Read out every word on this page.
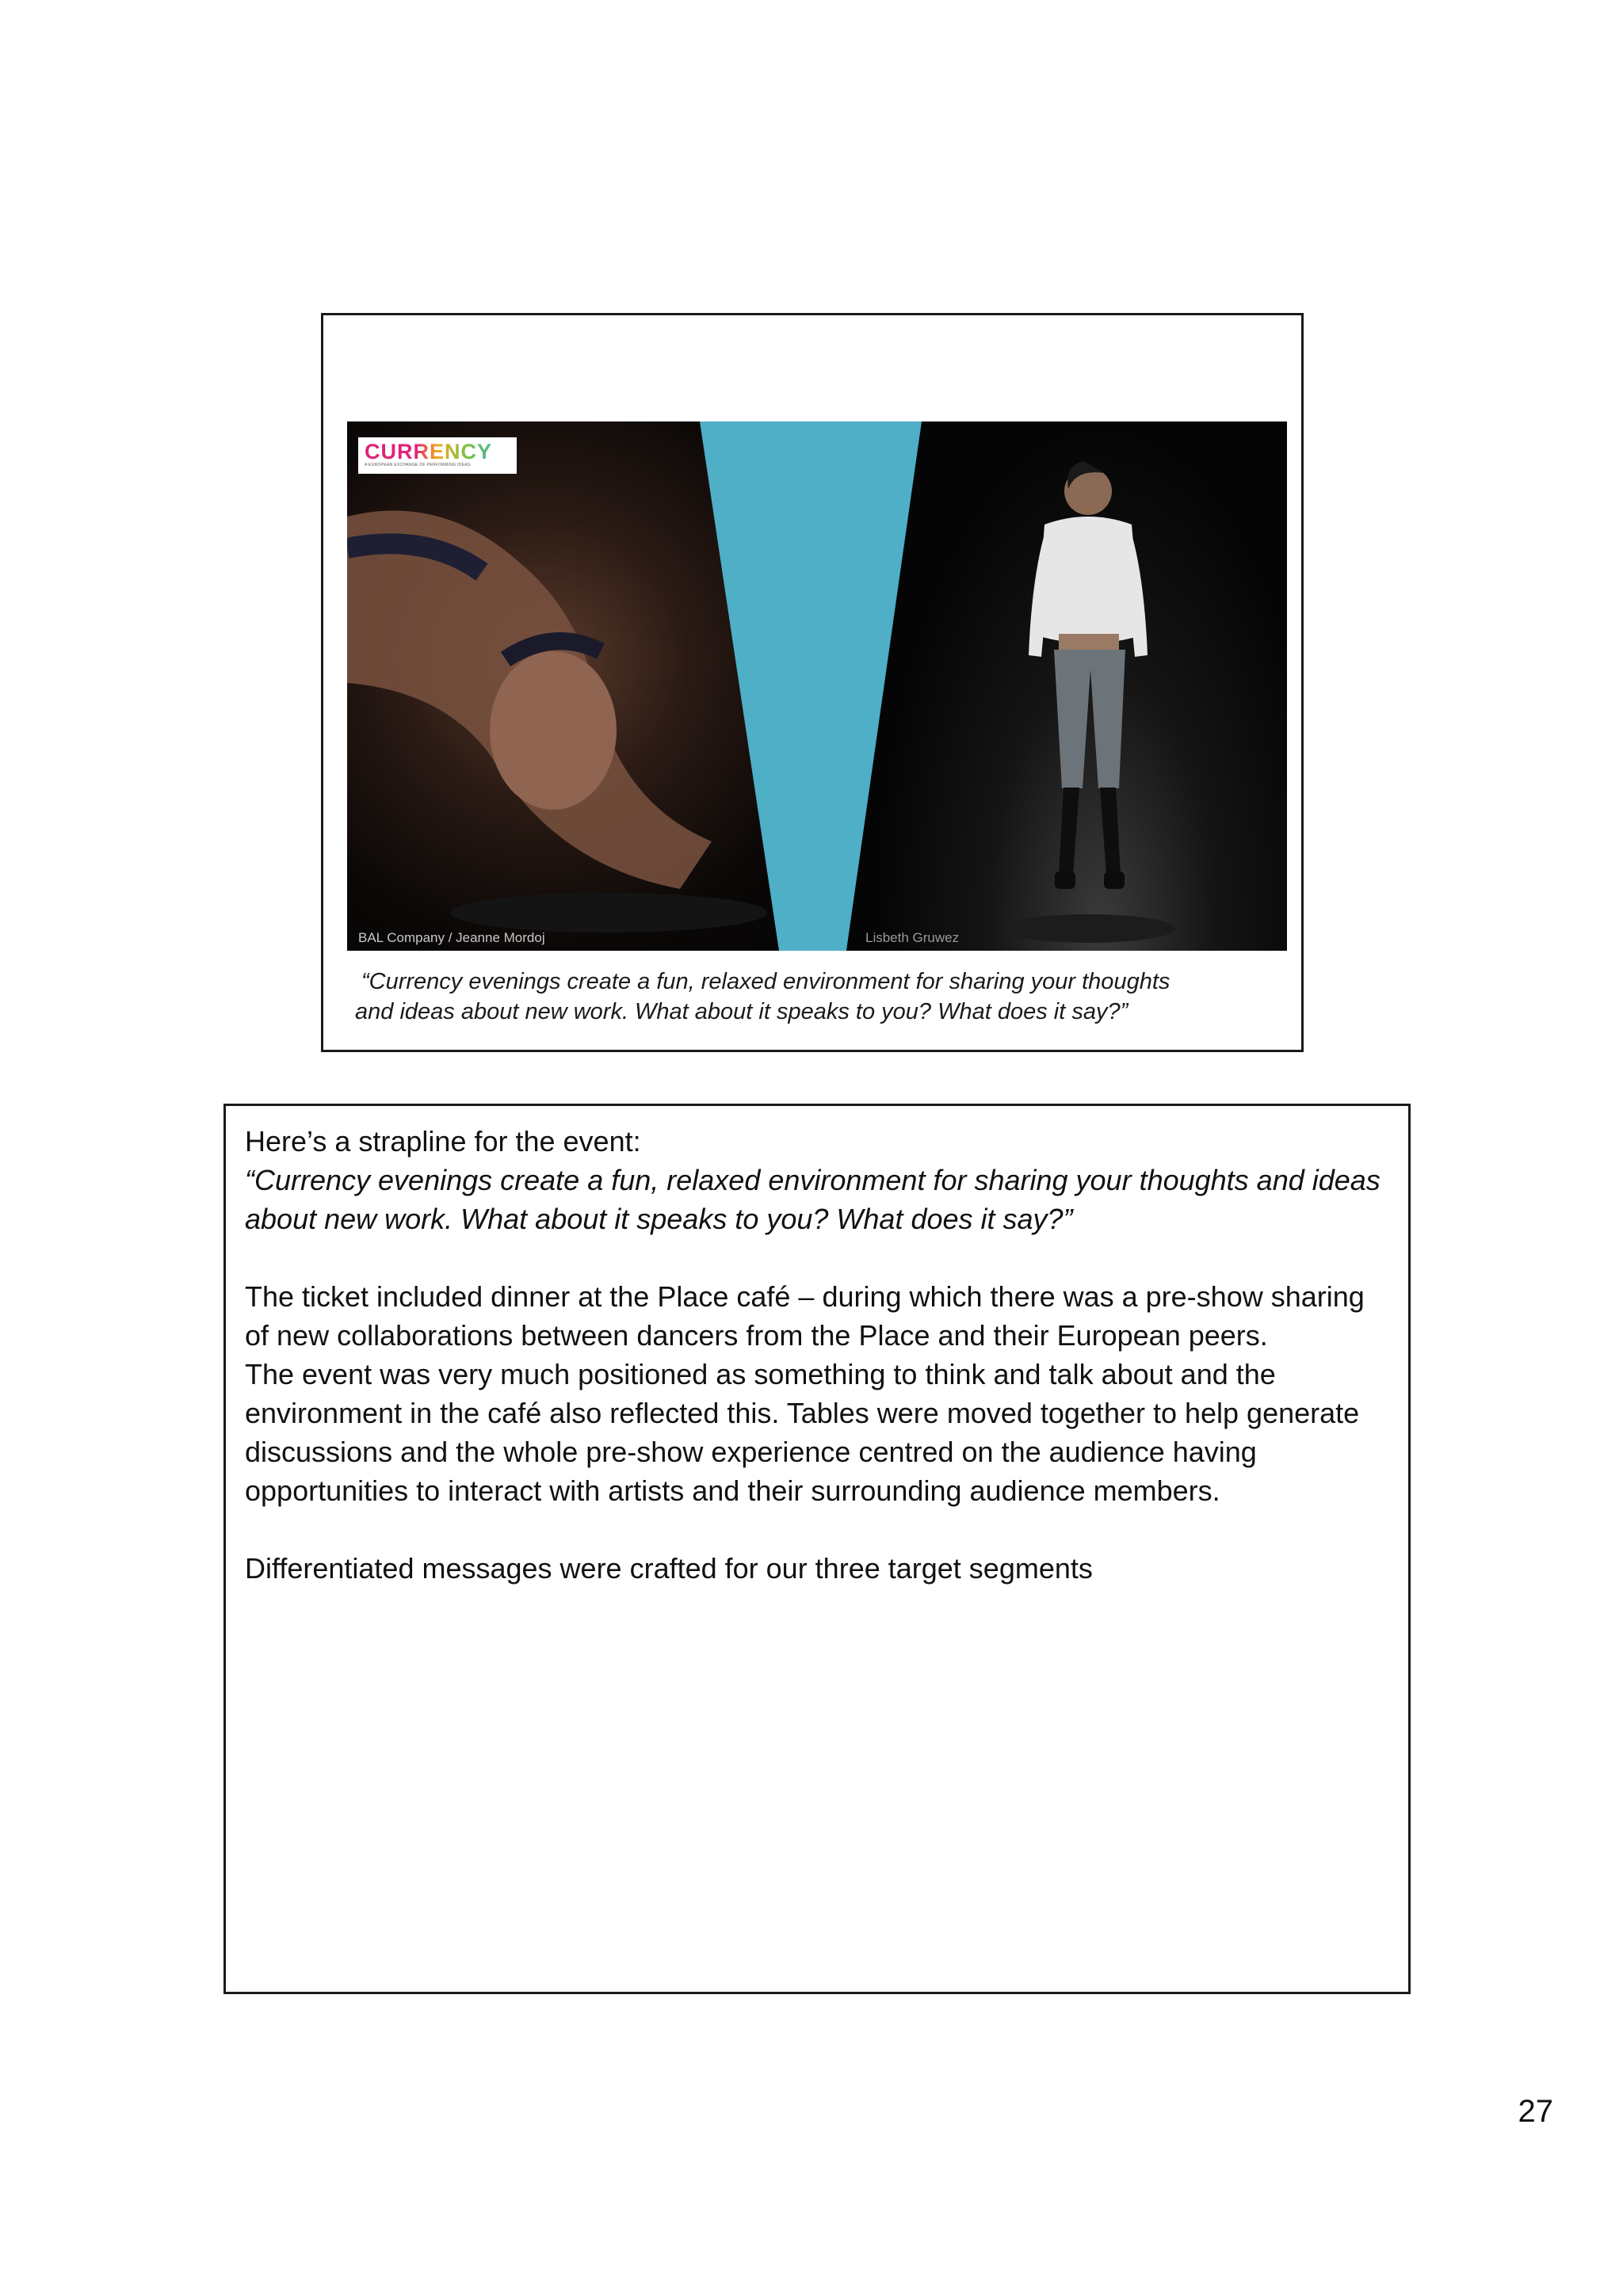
CURRENCY
A EUROPEAN EXCHANGE OF PERFORMING IDEAS
BAL Company / Jeanne Mordoj	Lisbeth Gruwez
“Currency evenings create a fun, relaxed environment for sharing your thoughts
and ideas about new work. What about it speaks to you? What does it say?”

Here’s a strapline for the event:

“Currency evenings create a fun, relaxed environment for sharing your thoughts and ideas about new work. What about it speaks to you? What does it say?”

The ticket included dinner at the Place café – during which there was a pre-show sharing of new collaborations between dancers from the Place and their European peers.

The event was very much positioned as something to think and talk about and the environment in the café also reflected this. Tables were moved together to help generate discussions and the whole pre-show experience centred on the audience having opportunities to interact with artists and their surrounding audience members.

Differentiated messages were crafted for our three target segments

27
